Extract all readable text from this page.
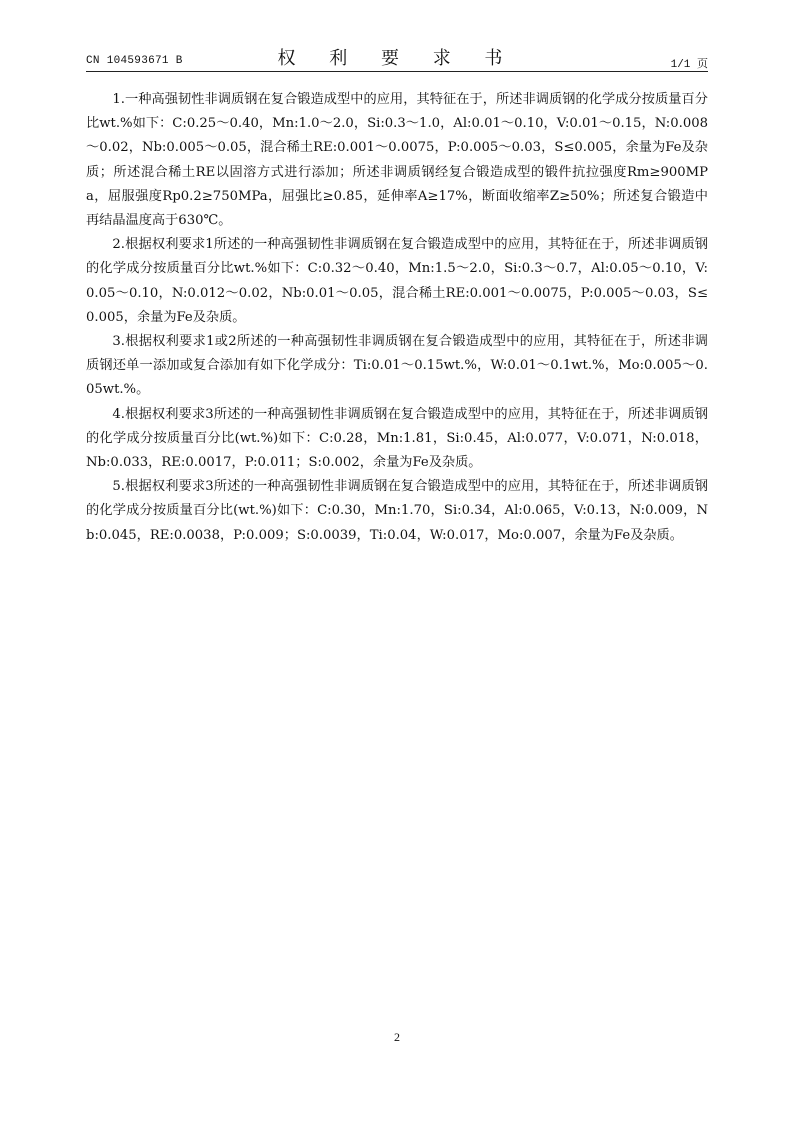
CN 104593671 B	权 利 要 求 书	1/1 页

1.一种高强韧性非调质钢在复合锻造成型中的应用，其特征在于，所述非调质钢的化学成分按质量百分比wt.%如下：C:0.25～0.40，Mn:1.0～2.0，Si:0.3～1.0，Al:0.01～0.10，V:0.01～0.15，N:0.008～0.02，Nb:0.005～0.05，混合稀土RE:0.001～0.0075，P:0.005～0.03，S≤0.005，余量为Fe及杂质；所述混合稀土RE以固溶方式进行添加；所述非调质钢经复合锻造成型的锻件抗拉强度Rm≥900MPa，屈服强度Rp0.2≥750MPa，屈强比≥0.85，延伸率A≥17%，断面收缩率Z≥50%；所述复合锻造中再结晶温度高于630℃。

2.根据权利要求1所述的一种高强韧性非调质钢在复合锻造成型中的应用，其特征在于，所述非调质钢的化学成分按质量百分比wt.%如下：C:0.32～0.40，Mn:1.5～2.0，Si:0.3～0.7，Al:0.05～0.10，V:0.05～0.10，N:0.012～0.02，Nb:0.01～0.05，混合稀土RE:0.001～0.0075，P:0.005～0.03，S≤0.005，余量为Fe及杂质。

3.根据权利要求1或2所述的一种高强韧性非调质钢在复合锻造成型中的应用，其特征在于，所述非调质钢还单一添加或复合添加有如下化学成分：Ti:0.01～0.15wt.%，W:0.01～0.1wt.%，Mo:0.005～0.05wt.%。

4.根据权利要求3所述的一种高强韧性非调质钢在复合锻造成型中的应用，其特征在于，所述非调质钢的化学成分按质量百分比(wt.%)如下：C:0.28，Mn:1.81，Si:0.45，Al:0.077，V:0.071，N:0.018，Nb:0.033，RE:0.0017，P:0.011；S:0.002，余量为Fe及杂质。

5.根据权利要求3所述的一种高强韧性非调质钢在复合锻造成型中的应用，其特征在于，所述非调质钢的化学成分按质量百分比(wt.%)如下：C:0.30，Mn:1.70，Si:0.34，Al:0.065，V:0.13，N:0.009，Nb:0.045，RE:0.0038，P:0.009；S:0.0039，Ti:0.04，W:0.017，Mo:0.007，余量为Fe及杂质。

2
